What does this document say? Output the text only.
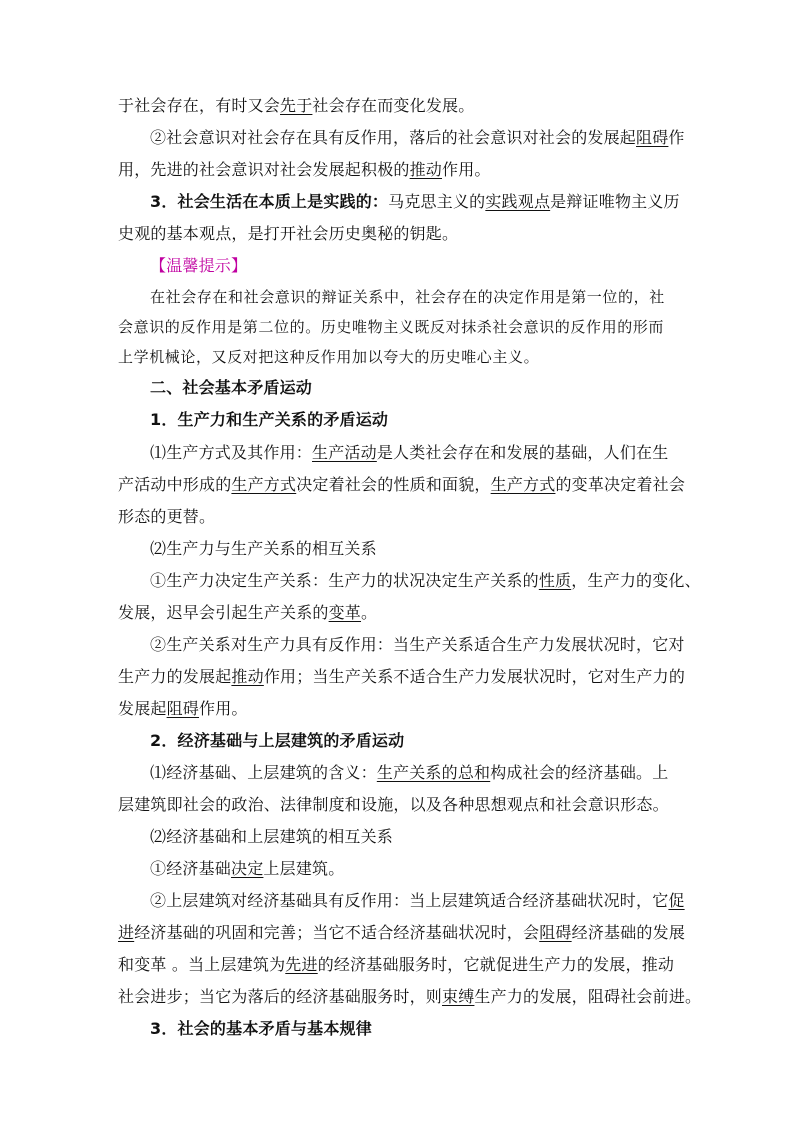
于社会存在，有时又会先于社会存在而变化发展。
②社会意识对社会存在具有反作用，落后的社会意识对社会的发展起阻碍作
用，先进的社会意识对社会发展起积极的推动作用。
3．社会生活在本质上是实践的：马克思主义的实践观点是辩证唯物主义历
史观的基本观点，是打开社会历史奥秘的钥匙。
【温馨提示】
在社会存在和社会意识的辩证关系中，社会存在的决定作用是第一位的，社
会意识的反作用是第二位的。历史唯物主义既反对抹杀社会意识的反作用的形而
上学机械论，又反对把这种反作用加以夸大的历史唯心主义。
二、社会基本矛盾运动
1．生产力和生产关系的矛盾运动
⑴生产方式及其作用：生产活动是人类社会存在和发展的基础，人们在生
产活动中形成的生产方式决定着社会的性质和面貌，生产方式的变革决定着社会
形态的更替。
⑵生产力与生产关系的相互关系
①生产力决定生产关系：生产力的状况决定生产关系的性质，生产力的变化、
发展，迟早会引起生产关系的变革。
②生产关系对生产力具有反作用：当生产关系适合生产力发展状况时，它对
生产力的发展起推动作用；当生产关系不适合生产力发展状况时，它对生产力的
发展起阻碍作用。
2．经济基础与上层建筑的矛盾运动
⑴经济基础、上层建筑的含义：生产关系的总和构成社会的经济基础。上
层建筑即社会的政治、法律制度和设施，以及各种思想观点和社会意识形态。
⑵经济基础和上层建筑的相互关系
①经济基础决定上层建筑。
②上层建筑对经济基础具有反作用：当上层建筑适合经济基础状况时，它促
进经济基础的巩固和完善；当它不适合经济基础状况时，会阻碍经济基础的发展
和变革 。当上层建筑为先进的经济基础服务时，它就促进生产力的发展，推动
社会进步；当它为落后的经济基础服务时，则束缚生产力的发展，阻碍社会前进。
3．社会的基本矛盾与基本规律
